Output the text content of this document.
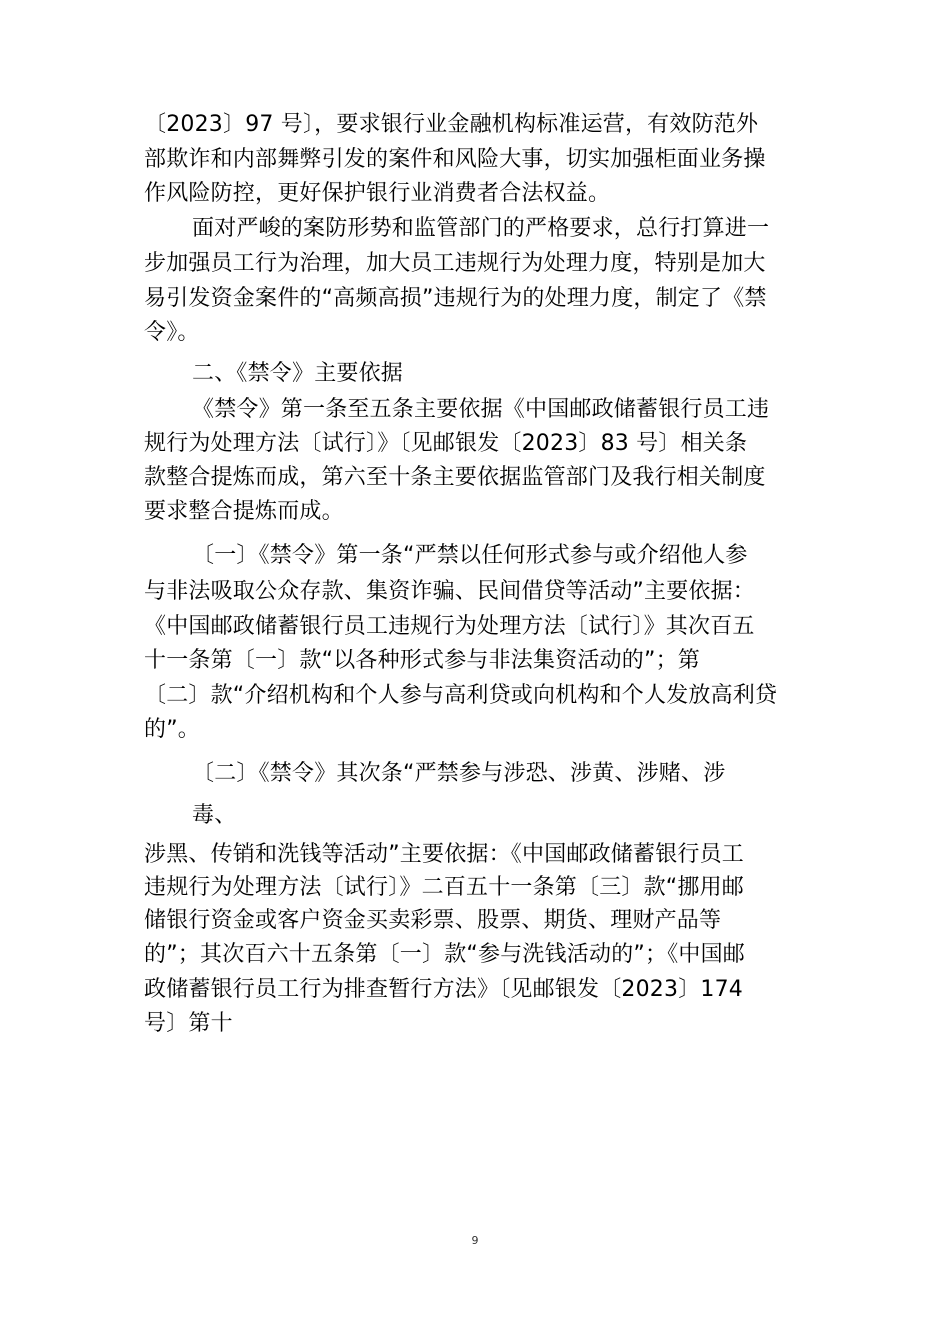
〔2023〕97 号〕，要求银行业金融机构标准运营，有效防范外

部欺诈和内部舞弊引发的案件和风险大事，切实加强柜面业务操

作风险防控，更好保护银行业消费者合法权益。

面对严峻的案防形势和监管部门的严格要求，总行打算进一

步加强员工行为治理，加大员工违规行为处理力度，特别是加大

易引发资金案件的“高频高损”违规行为的处理力度，制定了《禁

令》。

二、《禁令》主要依据

《禁令》第一条至五条主要依据《中国邮政储蓄银行员工违

规行为处理方法〔试行〕》〔见邮银发〔2023〕83 号〕相关条

款整合提炼而成，第六至十条主要依据监管部门及我行相关制度

要求整合提炼而成。

〔一〕《禁令》第一条“严禁以任何形式参与或介绍他人参

与非法吸取公众存款、集资诈骗、民间借贷等活动”主要依据：

《中国邮政储蓄银行员工违规行为处理方法〔试行〕》其次百五

十一条第〔一〕款“以各种形式参与非法集资活动的”；第

〔二〕款“介绍机构和个人参与高利贷或向机构和个人发放高利贷

的”。

〔二〕《禁令》其次条“严禁参与涉恐、涉黄、涉赌、涉

毒、

涉黑、传销和洗钱等活动”主要依据：《中国邮政储蓄银行员工

违规行为处理方法〔试行〕》二百五十一条第〔三〕款“挪用邮

储银行资金或客户资金买卖彩票、股票、期货、理财产品等

的”；其次百六十五条第〔一〕款“参与洗钱活动的”；《中国邮

政储蓄银行员工行为排查暂行方法》〔见邮银发〔2023〕174

号〕第十

9
